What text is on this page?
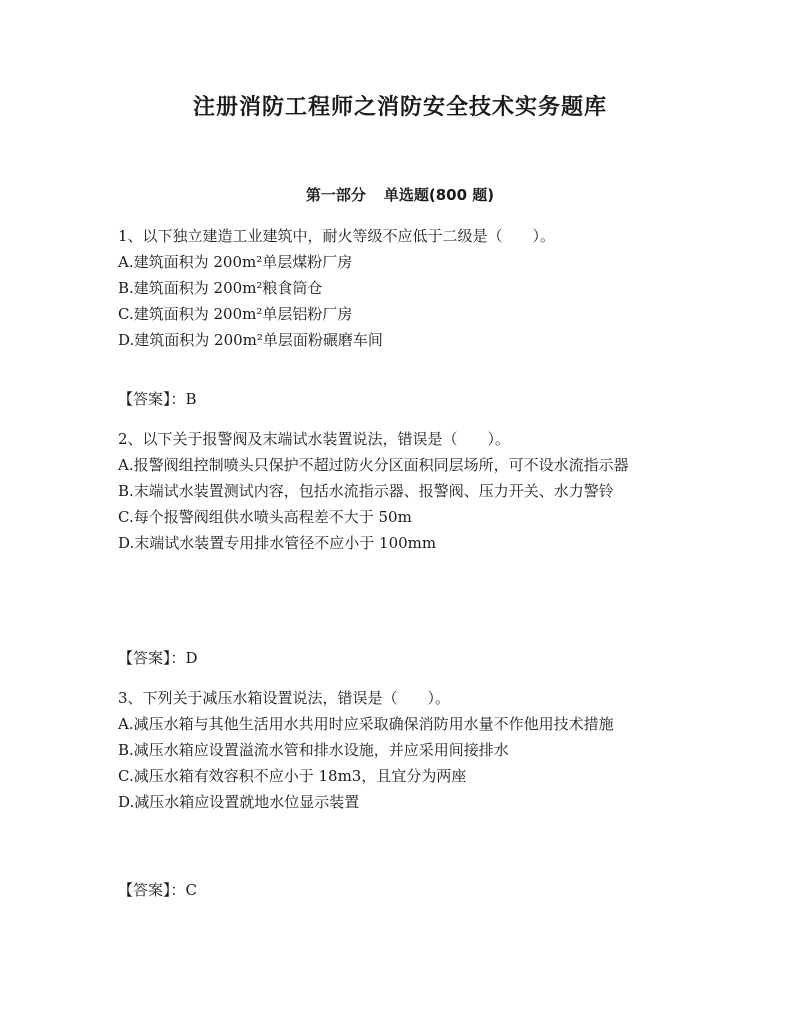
注册消防工程师之消防安全技术实务题库
第一部分 单选题(800 题)

1、以下独立建造工业建筑中，耐火等级不应低于二级是（　　）。

A.建筑面积为 200m²单层煤粉厂房

B.建筑面积为 200m²粮食筒仓

C.建筑面积为 200m²单层铝粉厂房

D.建筑面积为 200m²单层面粉碾磨车间

【答案】：B

2、以下关于报警阀及末端试水装置说法，错误是（　　）。

A.报警阀组控制喷头只保护不超过防火分区面积同层场所，可不设水流指示器

B.末端试水装置测试内容，包括水流指示器、报警阀、压力开关、水力警铃

C.每个报警阀组供水喷头高程差不大于 50m

D.末端试水装置专用排水管径不应小于 100mm

【答案】：D

3、下列关于减压水箱设置说法，错误是（　　）。

A.减压水箱与其他生活用水共用时应采取确保消防用水量不作他用技术措施

B.减压水箱应设置溢流水管和排水设施，并应采用间接排水

C.减压水箱有效容积不应小于 18m3，且宜分为两座

D.减压水箱应设置就地水位显示装置

【答案】：C
